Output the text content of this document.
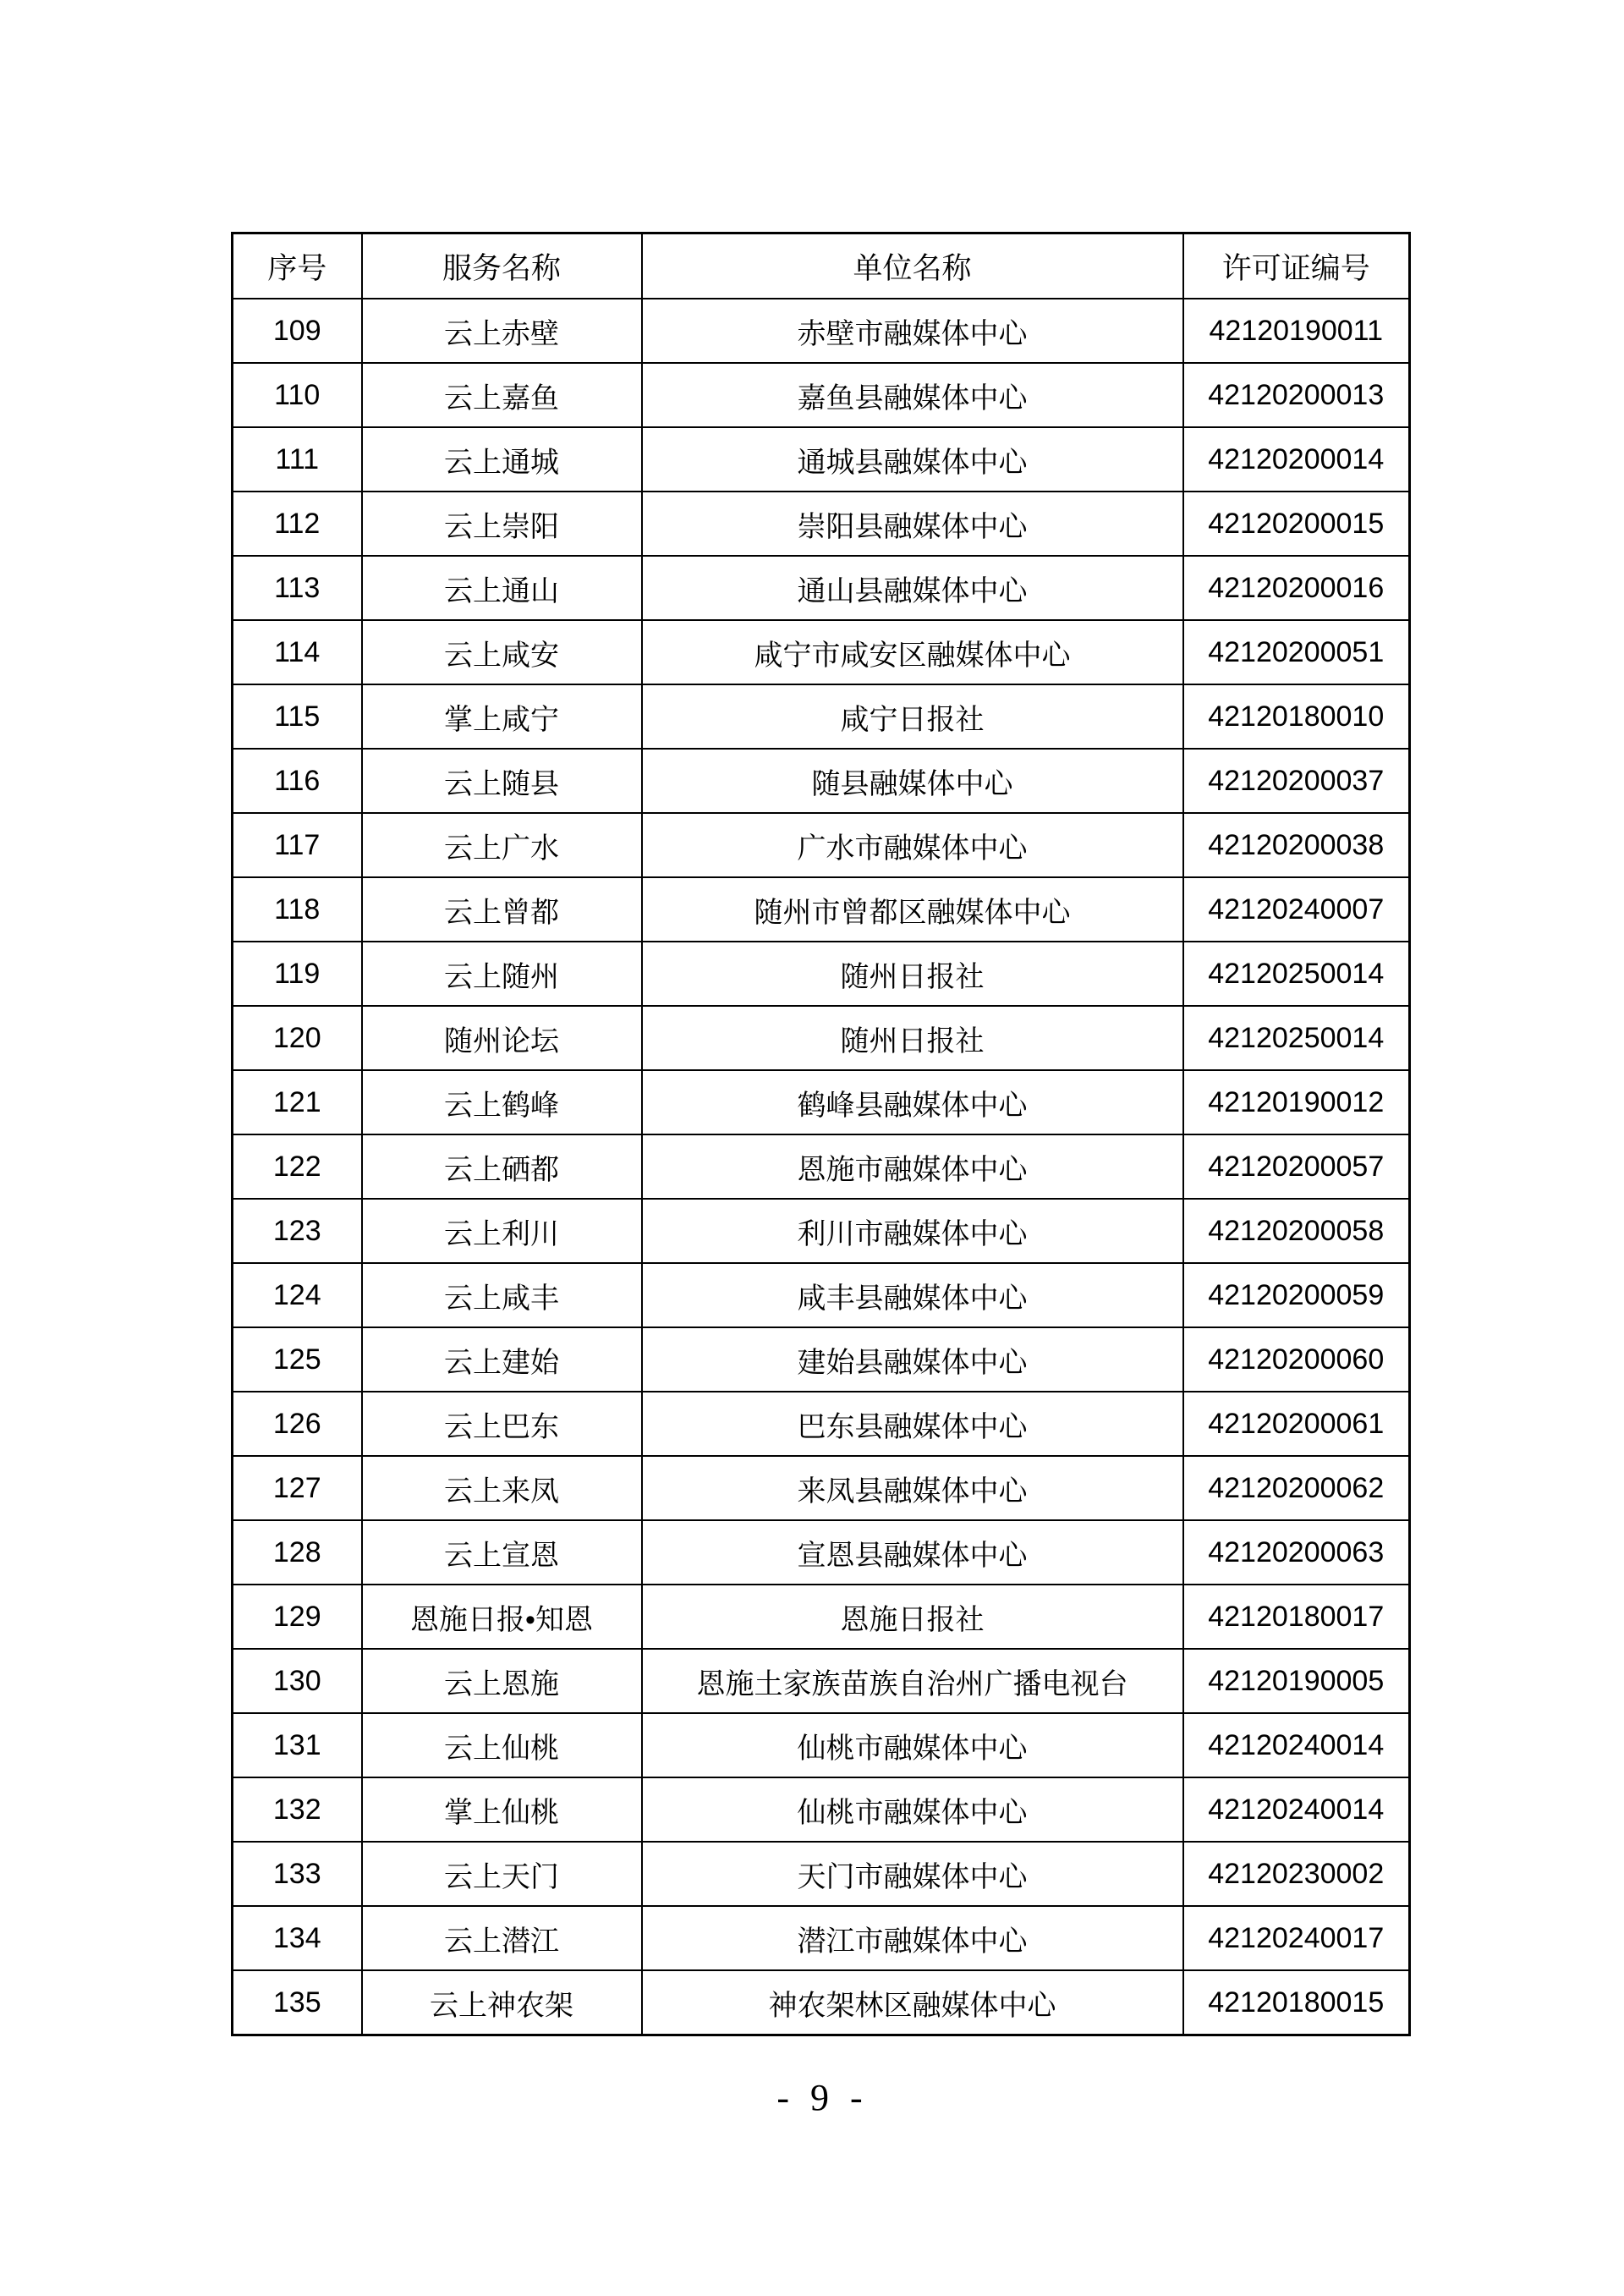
序号	服务名称	单位名称	许可证编号
109	云上赤壁	赤壁市融媒体中心	42120190011
110	云上嘉鱼	嘉鱼县融媒体中心	42120200013
111	云上通城	通城县融媒体中心	42120200014
112	云上崇阳	崇阳县融媒体中心	42120200015
113	云上通山	通山县融媒体中心	42120200016
114	云上咸安	咸宁市咸安区融媒体中心	42120200051
115	掌上咸宁	咸宁日报社	42120180010
116	云上随县	随县融媒体中心	42120200037
117	云上广水	广水市融媒体中心	42120200038
118	云上曾都	随州市曾都区融媒体中心	42120240007
119	云上随州	随州日报社	42120250014
120	随州论坛	随州日报社	42120250014
121	云上鹤峰	鹤峰县融媒体中心	42120190012
122	云上硒都	恩施市融媒体中心	42120200057
123	云上利川	利川市融媒体中心	42120200058
124	云上咸丰	咸丰县融媒体中心	42120200059
125	云上建始	建始县融媒体中心	42120200060
126	云上巴东	巴东县融媒体中心	42120200061
127	云上来凤	来凤县融媒体中心	42120200062
128	云上宣恩	宣恩县融媒体中心	42120200063
129	恩施日报•知恩	恩施日报社	42120180017
130	云上恩施	恩施土家族苗族自治州广播电视台	42120190005
131	云上仙桃	仙桃市融媒体中心	42120240014
132	掌上仙桃	仙桃市融媒体中心	42120240014
133	云上天门	天门市融媒体中心	42120230002
134	云上潜江	潜江市融媒体中心	42120240017
135	云上神农架	神农架林区融媒体中心	42120180015
- 9 -
